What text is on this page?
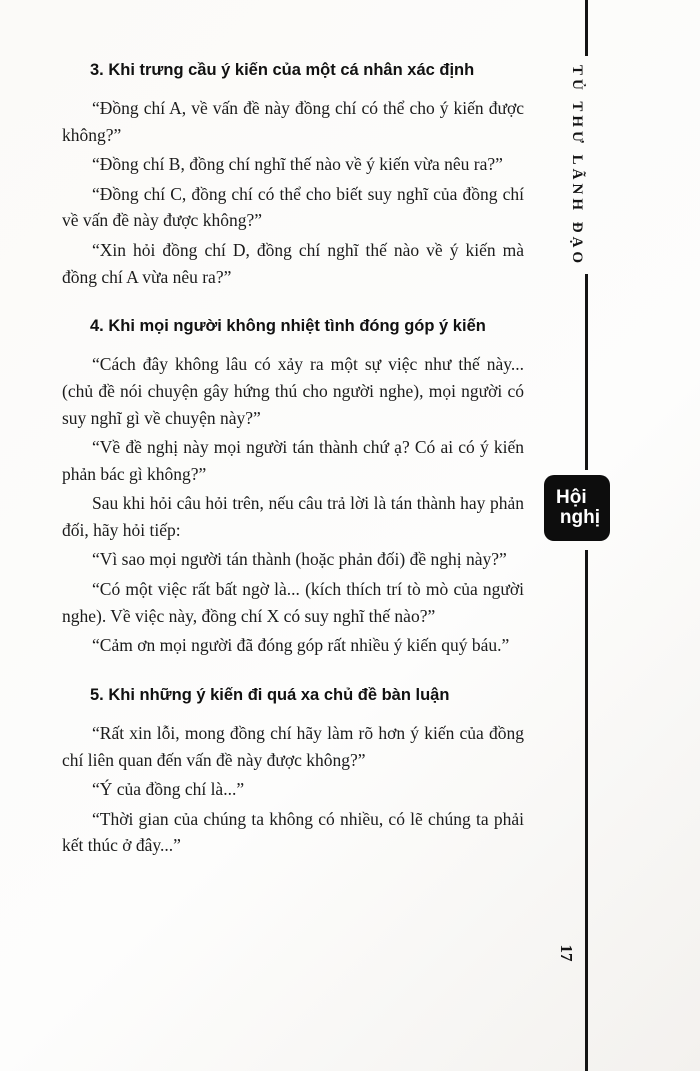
3. Khi trưng cầu ý kiến của một cá nhân xác định

“Đồng chí A, về vấn đề này đồng chí có thể cho ý kiến được không?”

“Đồng chí B, đồng chí nghĩ thế nào về ý kiến vừa nêu ra?”

“Đồng chí C, đồng chí có thể cho biết suy nghĩ của đồng chí về vấn đề này được không?”

“Xin hỏi đồng chí D, đồng chí nghĩ thế nào về ý kiến mà đồng chí A vừa nêu ra?”

4. Khi mọi người không nhiệt tình đóng góp ý kiến

“Cách đây không lâu có xảy ra một sự việc như thế này... (chủ đề nói chuyện gây hứng thú cho người nghe), mọi người có suy nghĩ gì về chuyện này?”

“Về đề nghị này mọi người tán thành chứ ạ? Có ai có ý kiến phản bác gì không?”

Sau khi hỏi câu hỏi trên, nếu câu trả lời là tán thành hay phản đối, hãy hỏi tiếp:

“Vì sao mọi người tán thành (hoặc phản đối) đề nghị này?”

“Có một việc rất bất ngờ là... (kích thích trí tò mò của người nghe). Về việc này, đồng chí X có suy nghĩ thế nào?”

“Cảm ơn mọi người đã đóng góp rất nhiều ý kiến quý báu.”

5. Khi những ý kiến đi quá xa chủ đề bàn luận

“Rất xin lỗi, mong đồng chí hãy làm rõ hơn ý kiến của đồng chí liên quan đến vấn đề này được không?”

“Ý của đồng chí là...”

“Thời gian của chúng ta không có nhiều, có lẽ chúng ta phải kết thúc ở đây...”

TỦ THƯ LÃNH ĐẠO
Hội
nghị
17
